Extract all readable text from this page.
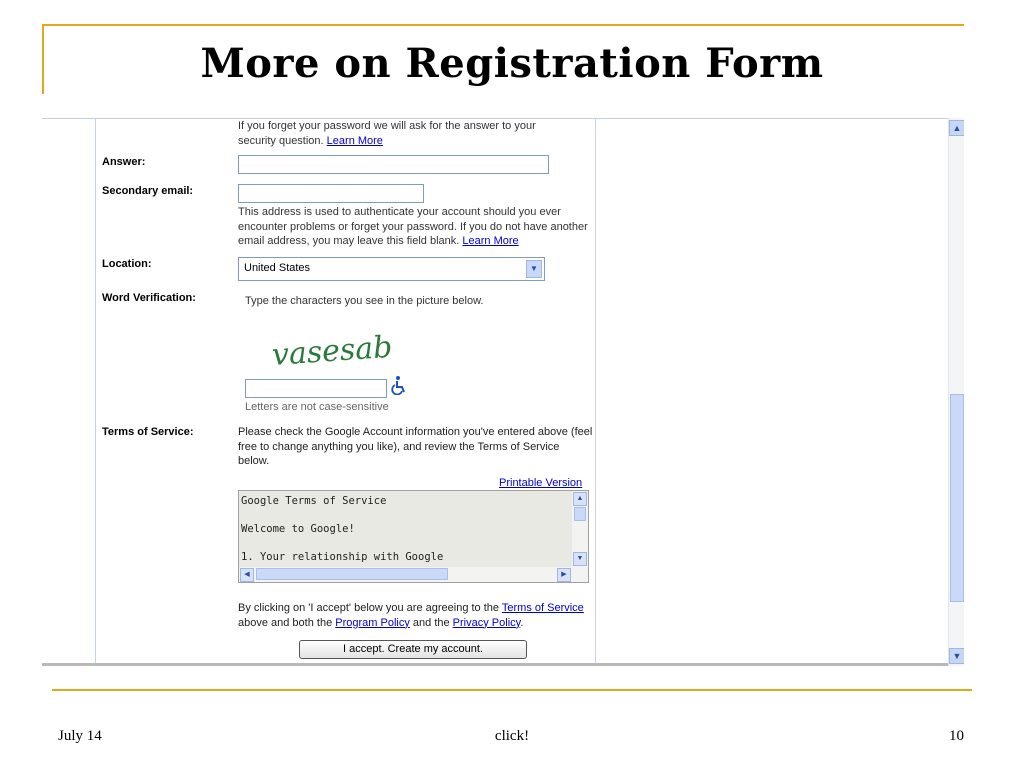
More on Registration Form
If you forget your password we will ask for the answer to your security question. Learn More
Answer:
Secondary email:
This address is used to authenticate your account should you ever encounter problems or forget your password. If you do not have another email address, you may leave this field blank. Learn More
Location:	United States	▼
Word Verification:	Type the characters you see in the picture below.
vasesab
Letters are not case-sensitive
Terms of Service:	Please check the Google Account information you've entered above (feel free to change anything you like), and review the Terms of Service below.
Printable Version
Google Terms of Service

Welcome to Google!

1. Your relationship with Google
▲
▼
◀	▶
By clicking on 'I accept' below you are agreeing to the Terms of Service above and both the Program Policy and the Privacy Policy.
I accept. Create my account.
▲
▼
July 14	click!	10
